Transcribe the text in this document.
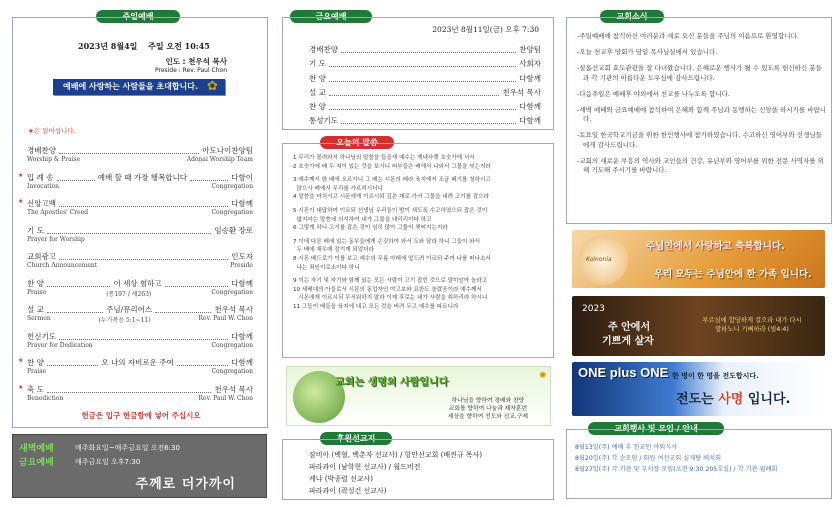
주일예배
2023년 8월4일 주일 오전 10:45
인도 : 천우석 목사
Preside : Rev. Paul Chon
예배에 사랑하는 사람들을 초대합니다. ✿
★은 일어섭니다.
경배찬양	아도나이찬양팀
Worship & Praise	Adonai Worship Team
★ 입 례 송	예배 할 때 가장 행복합니다	다함이
Invocation	Congregation
★ 신앙고백	다함께
The Apostles' Creed	Congregation
기 도	임승환 장로
Prayer for Worship
교회광고	인도자
Church Announcement	Preside
찬 양	이 세상 험하고	다함께
Praise	(통197 / 새263)	Congregation
설 교	주님/뮤리어스	천우석 목사
Sermon	(누가복음 5:1~11)	Rev. Paul W. Chon
헌신기도	다함께
Prayer for Dedication	Congregation
★ 찬 양	오 나의 자비로운 주여	다함께
Praise	Congregation
★ 축 도	천우석 목사
Benediction	Rev. Paul W. Chon
헌금은 입구 헌금함에 넣어 주십시오
새벽예배	매주화요일~매주금요일 오전6:30
금요예배	매주금요일 오후7:30
주께로 더가까이
금요예배
2023년 8월11일(금) 오후 7:30
경배찬양	찬양팀
기 도	사회자
찬 양	다함께
설 교	천우석 목사
찬 양	다함께
통성기도	다함께
오늘의 말씀
1 무리가 몰려와서 하나님의 말씀을 들을새 예수는 게네사렛 호숫가에 서서
2 호숫가에 배 두 척이 있는 것을 보시니 어부들은 배에서 나와서 그물을 씻는지라
3 예수께서 한 배에 오르시니 그 배는 시몬의 배라 육지에서 조금 떼기를 청하시고
앉으사 배에서 무리를 가르치시더니
4 말씀을 마치시고 시몬에게 이르시되 깊은 데로 가서 그물을 내려 고기를 잡으라
5 시몬이 대답하여 이르되 선생님 우리들이 밤이 새도록 수고하였으되 잡은 것이
없지마는 말씀에 의지하여 내가 그물을 내리리이다 하고
6 그렇게 하니 고기를 잡은 것이 심히 많아 그물이 찢어지는지라
7 이에 다른 배에 있는 동무들에게 손짓하여 와서 도와 달라 하니 그들이 와서
두 배에 채우매 잠기게 되었더라
8 시몬 베드로가 이를 보고 예수의 무릎 아래에 엎드려 이르되 주여 나를 떠나소서
나는 죄인이로소이다 하니
9 이는 자기 및 자기와 함께 있는 모든 사람이 고기 잡힌 것으로 말미암아 놀라고
10 세베대의 아들로서 시몬의 동업자인 야고보와 요한도 놀랐음이라 예수께서
시몬에게 이르시되 무서워하지 말라 이제 후로는 네가 사람을 취하리라 하시니
11 그들이 배들을 육지에 대고 모든 것을 버려 두고 예수를 따르니라
교회는 생명의 사람입니다
✺
하나님을 향하여 경배와 찬양
교회를 향하여 나눔과 제자훈련
세상을 향하여 전도와 선교,구제
후원선교지
잠비아 (백혈, 백춘자 선교사) / 항만선교회 (배진규 목사)
파라과이 (남학현 선교사) / 월드비전
케냐 (박종렬 선교사)
파라과이 (곽성건 선교사)
교회소식
-주일예배에 참석하신 여러분과 새로 오신 분들을 주님의 이름으로 환영합니다.
-오늘 천교후 당회가 담임 목사님실에서 있습니다.
-살롬선교회 효도관광을 잘 다녀왔습니다. 은혜로운 행사가 될 수 있도록 헌신하신 분들과 각 기관의 아름다운 도우심에 감사드립니다.
-다음주일은 예배후 야외에서 친교를 나누도록 합니다.
-새벽 예배와 금요예배에 참석하여 은혜와 함께 주님과 동행하는 신앙을 하시기를 바랍니다.
-토요일 한국학교기금을 위한 한인행사에 참가하였습니다. 수고하신 영어부와 선생님들에게 감사드립니다.
-교회의 새로운 부흥의 역사와 교인들의 건강, 유년부와 영어부를 위한 전문 사역자를 위해 기도해 주시기를 바랍니다.
Koinonia
주님안에서 사랑하고 축복합니다.
우리 모두는 주님안에 한 가족 입니다.
2023
주 안에서
기쁘게 살자
부르심에 합당하게 걸으라 내가 다시
말하노니 기뻐하라 (빌4:4)
ONE plus ONE 한 명이 한 명을 전도합시다.
전도는 사명 입니다.
교회행사 및 모임 / 안내
8월13일(주) 예배 후 친교인 야외식사
8월20일(주) 각 순모임 / 회원 여선교회 심제탕 배치회
8월27일(주) 각 기관 및 부서장 모임(오전 9:30 205호실) / 각 기관 월례회
